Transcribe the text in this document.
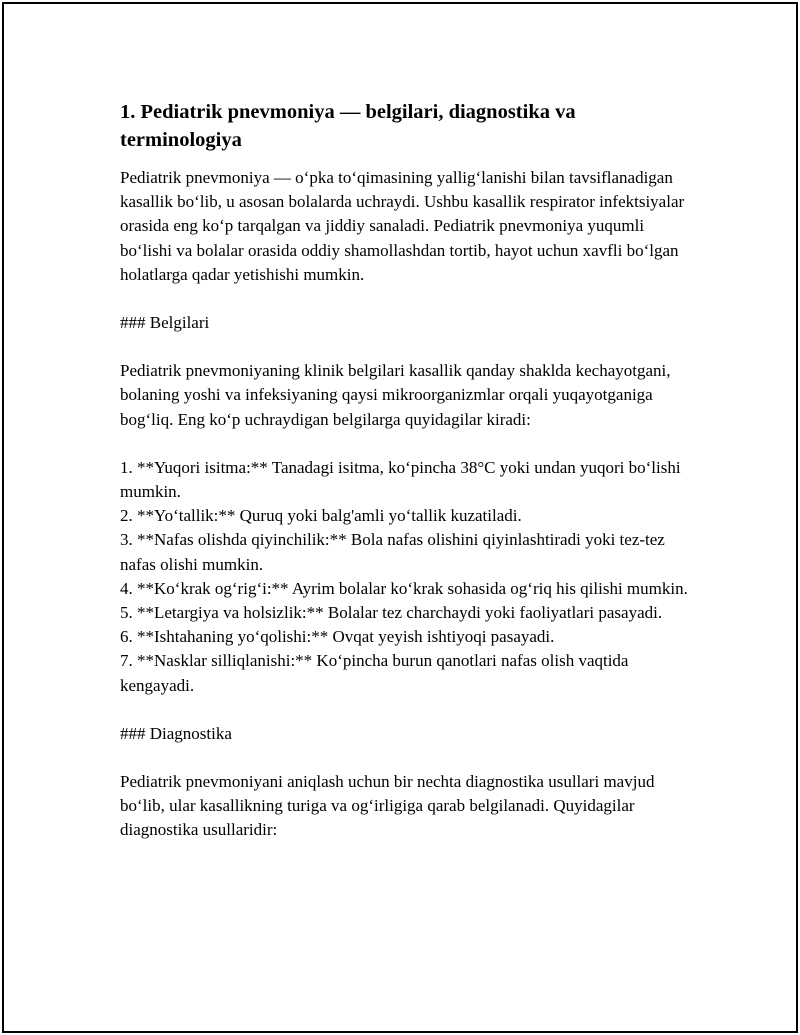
1. Pediatrik pnevmoniya — belgilari, diagnostika va terminologiya

Pediatrik pnevmoniya — oʻpka toʻqimasining yalligʻlanishi bilan tavsiflanadigan kasallik boʻlib, u asosan bolalarda uchraydi. Ushbu kasallik respirator infektsiyalar orasida eng koʻp tarqalgan va jiddiy sanaladi. Pediatrik pnevmoniya yuqumli boʻlishi va bolalar orasida oddiy shamollashdan tortib, hayot uchun xavfli boʻlgan holatlarga qadar yetishishi mumkin.

### Belgilari

Pediatrik pnevmoniyaning klinik belgilari kasallik qanday shaklda kechayotgani, bolaning yoshi va infeksiyaning qaysi mikroorganizmlar orqali yuqayotganiga bogʻliq. Eng koʻp uchraydigan belgilarga quyidagilar kiradi:

1. **Yuqori isitma:** Tanadagi isitma, koʻpincha 38°C yoki undan yuqori boʻlishi mumkin.
2. **Yoʻtallik:** Quruq yoki balg'amli yoʻtallik kuzatiladi.
3. **Nafas olishda qiyinchilik:** Bola nafas olishini qiyinlashtiradi yoki tez-tez nafas olishi mumkin.
4. **Koʻkrak ogʻrigʻi:** Ayrim bolalar koʻkrak sohasida ogʻriq his qilishi mumkin.
5. **Letargiya va holsizlik:** Bolalar tez charchaydi yoki faoliyatlari pasayadi.
6. **Ishtahaning yoʻqolishi:** Ovqat yeyish ishtiyoqi pasayadi.
7. **Nasklar silliqlanishi:** Koʻpincha burun qanotlari nafas olish vaqtida kengayadi.

### Diagnostika

Pediatrik pnevmoniyani aniqlash uchun bir nechta diagnostika usullari mavjud boʻlib, ular kasallikning turiga va ogʻirligiga qarab belgilanadi. Quyidagilar diagnostika usullaridir:
